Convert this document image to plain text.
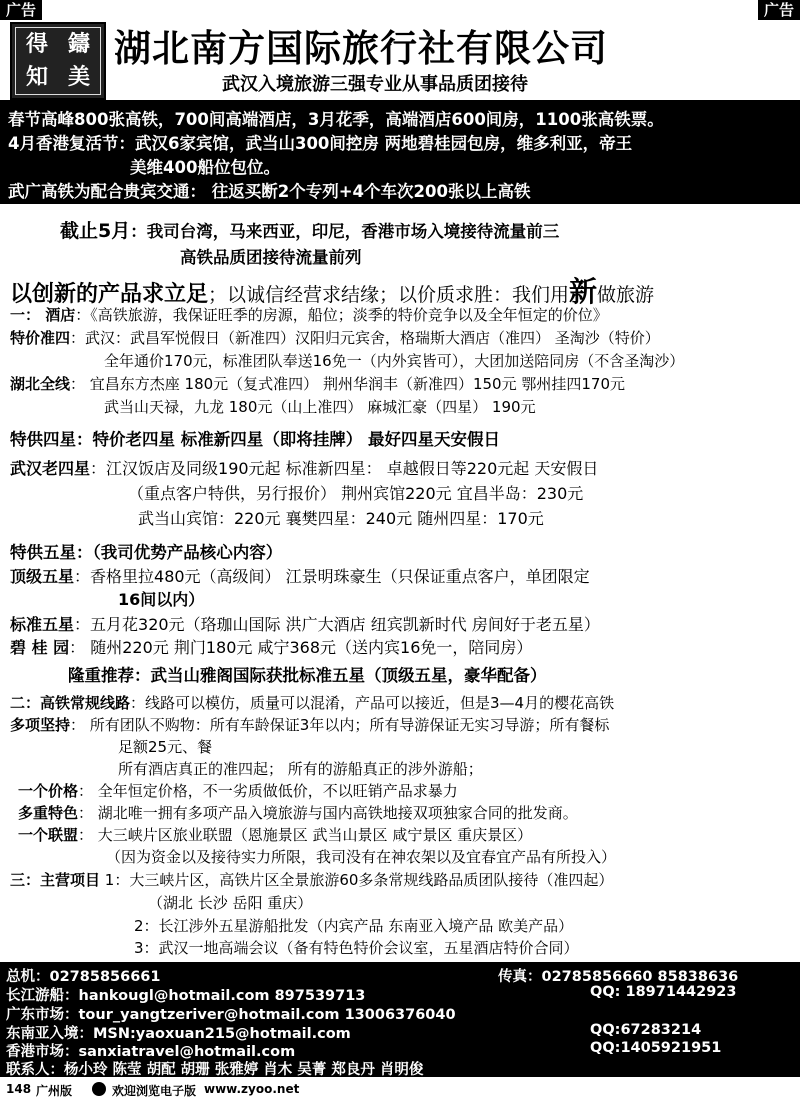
广告	广告
得 鑄
知 美
湖北南方国际旅行社有限公司
武汉入境旅游三强专业从事品质团接待
春节高峰800张高铁，700间高端酒店，3月花季，高端酒店600间房，1100张高铁票。
4月香港复活节：武汉6家宾馆，武当山300间控房 两地碧桂园包房，维多利亚，帝王
美维400船位包位。
武广高铁为配合贵宾交通： 往返买断2个专列+4个车次200张以上高铁
截止5月：我司台湾，马来西亚，印尼，香港市场入境接待流量前三
高铁品质团接待流量前列
以创新的产品求立足；以诚信经营求结缘；以价质求胜：我们用新做旅游
一： 酒店：《高铁旅游，我保证旺季的房源，船位；淡季的特价竞争以及全年恒定的价位》
特价准四：武汉：武昌军悦假日（新准四）汉阳归元宾舍，格瑞斯大酒店（准四） 圣淘沙（特价）
全年通价170元，标准团队奉送16免一（内外宾皆可），大团加送陪同房（不含圣淘沙）
湖北全线： 宜昌东方杰座 180元（复式准四） 荆州华润丰（新准四）150元 鄂州挂四170元
武当山天禄，九龙 180元（山上准四） 麻城汇豪（四星） 190元
特供四星：特价老四星 标准新四星（即将挂牌） 最好四星天安假日
武汉老四星：江汉饭店及同级190元起 标准新四星： 卓越假日等220元起 天安假日
（重点客户特供，另行报价） 荆州宾馆220元 宜昌半岛：230元
武当山宾馆：220元 襄樊四星：240元 随州四星：170元
特供五星：（我司优势产品核心内容）
顶级五星：香格里拉480元（高级间） 江景明珠豪生（只保证重点客户，单团限定
16间以内）
标准五星：五月花320元（珞珈山国际 洪广大酒店 纽宾凯新时代 房间好于老五星）
碧 桂 园： 随州220元 荆门180元 咸宁368元（送内宾16免一，陪同房）
隆重推荐：武当山雅阁国际获批标准五星（顶级五星，豪华配备）
二：高铁常规线路：线路可以模仿，质量可以混淆，产品可以接近，但是3—4月的樱花高铁
多项坚持： 所有团队不购物：所有车龄保证3年以内；所有导游保证无实习导游；所有餐标
足额25元、餐
所有酒店真正的准四起； 所有的游船真正的涉外游船；
一个价格： 全年恒定价格，不一劣质做低价，不以旺销产品求暴力
多重特色： 湖北唯一拥有多项产品入境旅游与国内高铁地接双项独家合同的批发商。
一个联盟： 大三峡片区旅业联盟（恩施景区 武当山景区 咸宁景区 重庆景区）
（因为资金以及接待实力所限，我司没有在神农架以及宜春宜产品有所投入）
三：主营项目 1：大三峡片区，高铁片区全景旅游60多条常规线路品质团队接待（准四起）
（湖北 长沙 岳阳 重庆）
2：长江涉外五星游船批发（内宾产品 东南亚入境产品 欧美产品）
3：武汉一地高端会议（备有特色特价会议室，五星酒店特价合同）
总机：02785856661	传真：02785856660 85838636
长江游船：hankougl@hotmail.com 897539713	QQ: 18971442923
广东市场：tour_yangtzeriver@hotmail.com 13006376040
东南亚入境：MSN:yaoxuan215@hotmail.com	QQ:67283214
香港市场：sanxiatravel@hotmail.com	QQ:1405921951
联系人：杨小玲 陈莹 胡配 胡珊 张雅婷 肖木 吴菁 郑良丹 肖明俊
148 广州版	欢迎浏览电子版 www.zyoo.net
